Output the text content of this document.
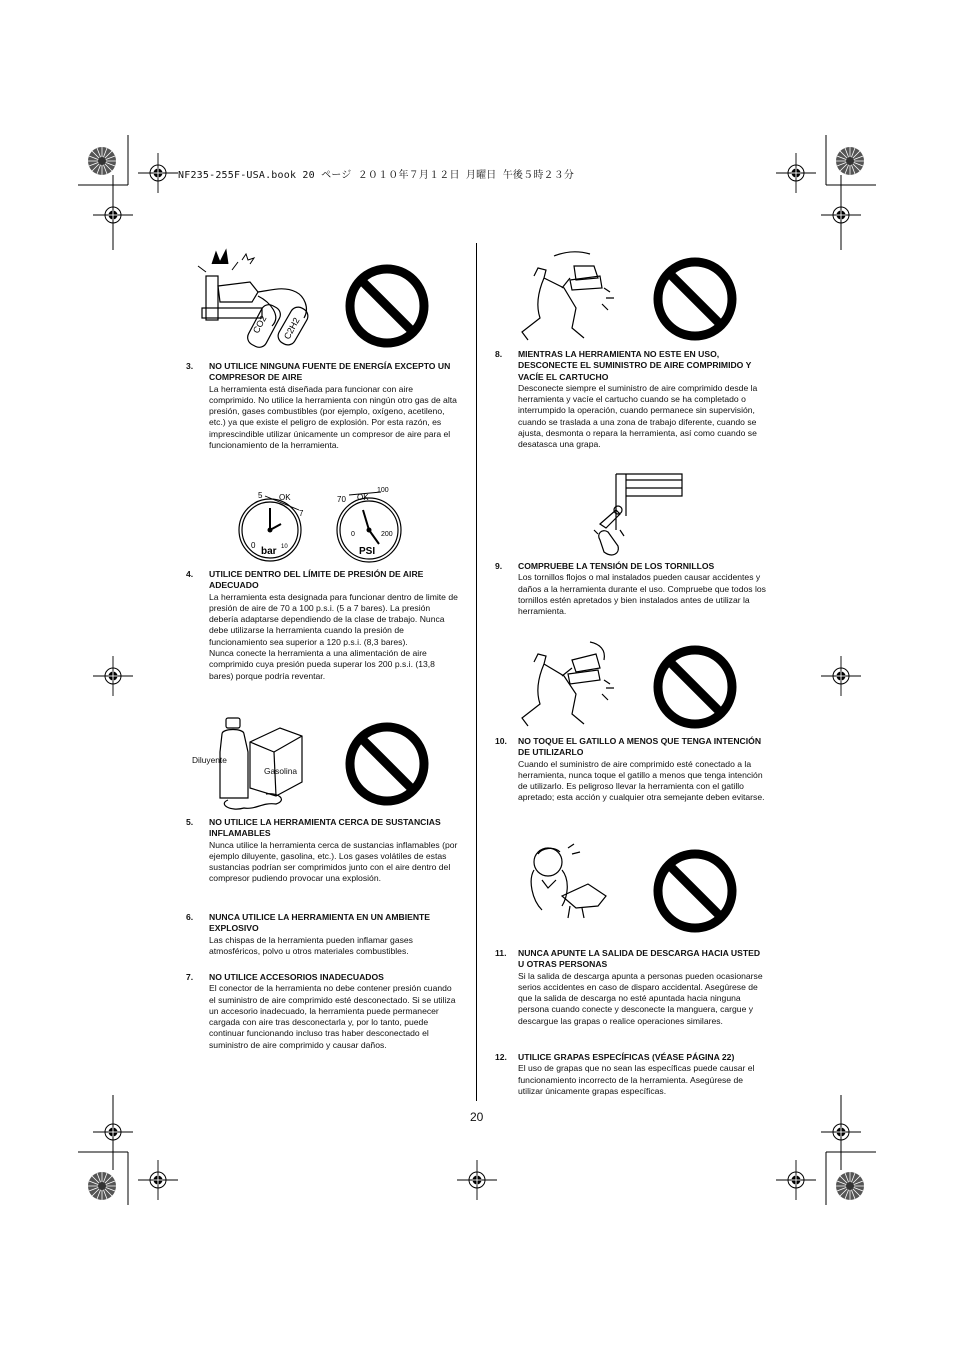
NF235-255F-USA.book 20 ページ ２０１０年７月１２日 月曜日 午後５時２３分
CO2 C2H2
5 OK
7
0	10
bar
70 OK
100
0	200
PSI
Diluyente
Gasolina
3. NO UTILICE NINGUNA FUENTE DE ENERGÍA EXCEPTO UN COMPRESOR DE AIRE

La herramienta está diseñada para funcionar con aire comprimido. No utilice la herramienta con ningún otro gas de alta presión, gases combustibles (por ejemplo, oxígeno, acetileno, etc.) ya que existe el peligro de explosión. Por esta razón, es imprescindible utilizar únicamente un compresor de aire para el funcionamiento de la herramienta.

4. UTILICE DENTRO DEL LÍMITE DE PRESIÓN DE AIRE ADECUADO

La herramienta esta designada para funcionar dentro de limite de presión de aire de 70 a 100 p.s.i. (5 a 7 bares). La presión debería adaptarse dependiendo de la clase de trabajo. Nunca debe utilizarse la herramienta cuando la presión de funcionamiento sea superior a 120 p.s.i. (8,3 bares).

Nunca conecte la herramienta a una alimentación de aire comprimido cuya presión pueda superar los 200 p.s.i. (13,8 bares) porque podría reventar.

5. NO UTILICE LA HERRAMIENTA CERCA DE SUSTANCIAS INFLAMABLES

Nunca utilice la herramienta cerca de sustancias inflamables (por ejemplo diluyente, gasolina, etc.). Los gases volátiles de estas sustancias podrían ser comprimidos junto con el aire dentro del compresor pudiendo provocar una explosión.

6. NUNCA UTILICE LA HERRAMIENTA EN UN AMBIENTE EXPLOSIVO

Las chispas de la herramienta pueden inflamar gases atmosféricos, polvo u otros materiales combustibles.

7. NO UTILICE ACCESORIOS INADECUADOS

El conector de la herramienta no debe contener presión cuando el suministro de aire comprimido esté desconectado. Si se utiliza un accesorio inadecuado, la herramienta puede permanecer cargada con aire tras desconectarla y, por lo tanto, puede continuar funcionando incluso tras haber desconectado el suministro de aire comprimido y causar daños.

8. MIENTRAS LA HERRAMIENTA NO ESTE EN USO, DESCONECTE EL SUMINISTRO DE AIRE COMPRIMIDO Y VACÍE EL CARTUCHO

Desconecte siempre el suministro de aire comprimido desde la herramienta y vacíe el cartucho cuando se ha completado o interrumpido la operación, cuando permanece sin supervisión, cuando se traslada a una zona de trabajo diferente, cuando se ajusta, desmonta o repara la herramienta, así como cuando se desatasca una grapa.

9. COMPRUEBE LA TENSIÓN DE LOS TORNILLOS

Los tornillos flojos o mal instalados pueden causar accidentes y daños a la herramienta durante el uso. Compruebe que todos los tornillos estén apretados y bien instalados antes de utilizar la herramienta.

10. NO TOQUE EL GATILLO A MENOS QUE TENGA INTENCIÓN DE UTILIZARLO

Cuando el suministro de aire comprimido esté conectado a la herramienta, nunca toque el gatillo a menos que tenga intención de utilizarlo. Es peligroso llevar la herramienta con el gatillo apretado; esta acción y cualquier otra semejante deben evitarse.

11. NUNCA APUNTE LA SALIDA DE DESCARGA HACIA USTED U OTRAS PERSONAS

Si la salida de descarga apunta a personas pueden ocasionarse serios accidentes en caso de disparo accidental. Asegúrese de que la salida de descarga no esté apuntada hacia ninguna persona cuando conecte y desconecte la manguera, cargue y descargue las grapas o realice operaciones similares.

12. UTILICE GRAPAS ESPECÍFICAS (VÉASE PÁGINA 22)

El uso de grapas que no sean las específicas puede causar el funcionamiento incorrecto de la herramienta. Asegúrese de utilizar únicamente grapas específicas.

20
